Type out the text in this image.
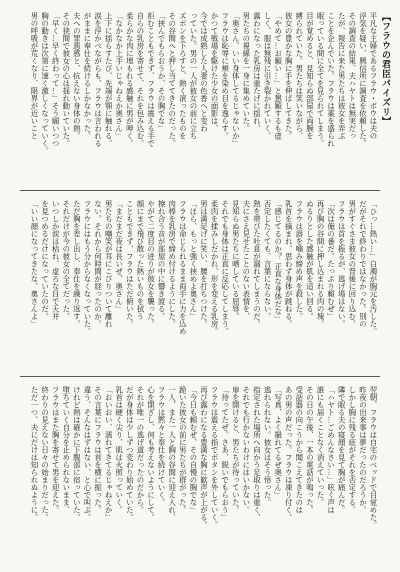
【フラウの君臣パイズリ】
平凡な主婦であるフラウ・ボウは夫の
浮気を疑い、興信所に調査を依頼した。
その調査の結果、夫ハヤトは無実だっ
たが、報告に来た男たちは彼女を弄ぶ
ことを企んでいた。フラウは薬を盛られ
眠っている間に全てを見られてしまう。
目が覚めると、見知らぬ部屋で両腕を
縛られていた。男たちは笑いながら、
彼女の豊かな胸に手を伸ばしてきた。
「やめて…お願い…」と懇願するも虚
しく、服は無残に引き裂かれていく。
露わになった乳房は重たげに揺れ、
男たちの視線を一身に集めていた。
「奥さん、いい身体してるじゃないか」
フラウは恥辱に頬を染め目を逸らす。
かつて戦場を駆けた少女の面影は、
今では成熟した人妻の色香へと変わ
っていた。男の一人が彼女の前に立ち
ズボンを下ろすと、熱く滾ったものを
その谷間へと押し当ててきたのだった。
「挟んでもらおうか、その胸でな」
拒むこともできず、フラウは震える手で
自らの乳房を寄せて、それを包み込む。
柔らかな肉に埋もれる感触に男が呻く。
「なかなか上手いじゃねえか奥さん」
上下に揺らすたび、先端が顎に触れる。
涙を浮かべながらも、フラウは言われる
がままに奉仕を続けるしかなかった。
夫への罪悪感と、抗えない身体の熱。
その狭間で彼女の心は揺れ動いていた。
「早く…早く終わって…」そう願いつつ
胸の動きは次第に速く激しくなっていく。
男の呼吸が荒くなり、限界が近いこと
「ひっ…熱い…」白濁が胸元を汚した。
だがそれで終わりではなかった。別の
男がすぐさま彼女の背後に回り込む。
フラウは首を振るが、逃げ場はない。
「次は俺の番だ。たっぷり頼むぜ」
再び胸の谷間に押し込まれる肉の塊。
ぬるりとした感触が肌を這い回る。
フラウは唇を噛み締め声を殺した。
乳首を摘まれ、思わず身体が跳ねる。
「感じてるのか？ 正直な身体だな」
否定したくても、言葉にならない。
熱を帯びた吐息が漏れてしまうのだ。
夫にさえ見せたことのない表情を、
見知らぬ男たちに晒している屈辱。
それでも身体は正直に反応してしまう。
柔肉を揉みしだかれ、形を変える乳房。
男は満足げに笑い、腰を打ちつけた。
「ほら、もっと強く挟めよ奥さん」
フラウは命じられるまま両手に力を込め
肉棒を乳房で締め付けるようにした。
擦れ合う音が部屋の中に響き渡る。
やがて二度目の迸りが彼女を襲った。
顔にまで飛び散った熱いものを拭う
こともできず、フラウはただ俯いた。
「まだまだ夜は長いぜ、奥さん」
男たちの嘲笑が耳にこびりついて離れ
ない。それから何時間が経ったのか。
フラウにはもう分からなくなっていた。
ただ胸を差し出し、奉仕を繰り返す。
それだけが今の彼女の全てだった。
いつしか涙は枯れ、虚ろな目で天井
を見つめるだけになっていたのだ。
「いい顔になってきたな、奥さんよ」
翌朝、フラウは自宅のベッドで目覚めた。
昨夜の出来事は夢だったのだろうか。
しかし胸に残る痣がそれを否定する。
隣で眠る夫の寝顔を見て胸が痛んだ。
「ハヤト…ごめんなさい…」呟く声は
誰にも届くことなく消えていった。
その日の午後、一本の電話が鳴った。
受話器の向こうから聞こえてきたのは
あの男の声だった。フラウは凍り付く。
「写真、よく撮れてるぜ奥さん」
逃れられない。彼女はそう悟った。
指定された場所へ向かう足取りは重く、
それでも行かないわけにはいかない。
扉を開けると、男たちが待っていた。
「待ってたぜ。さあ、脱いでもらおう」
フラウは震える指でボタンを外していく。
再び露わになる豊満な胸に歓声が上がる。
「今日も頼むぜ、その自慢の胸でな」
跪いた彼女の前に男たちが群がった。
一人、また一人と胸の谷間に迎え入れ、
フラウは黙々と奉仕を続けていく。
心を閉ざし、何も考えないようにして。
それが唯一の逃げ道だったのだから。
だが身体は少しずつ変わり始めていた。
乳首は硬く尖り、肌は火照っていく。
「おいおい、濡れてきてるじゃねえか」
その言葉にフラウは首を横に振った。
違う、そんなはずはない、と心で叫ぶ。
けれど熱は確かに下腹部に宿っていた。
堕ちていく自分を止められないまま、
フラウはまた胸を寄せて男を迎えた。
終わりの見えない日々の始まりだった。
ただ一つ、夫にだけは知られぬように。
